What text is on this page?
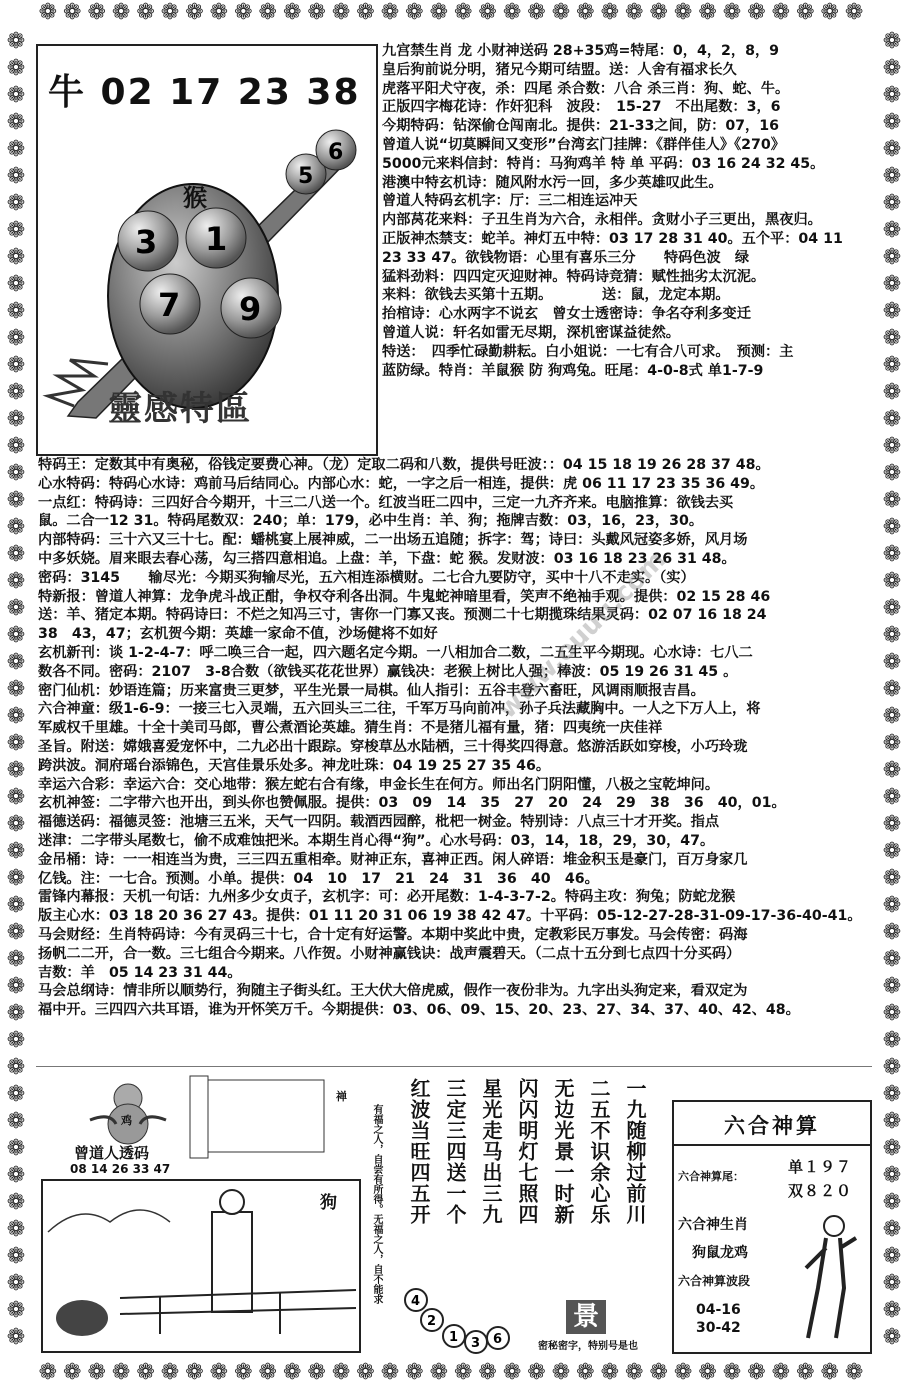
❁❁❁❁❁❁❁❁❁❁❁❁❁❁❁❁❁❁❁❁❁❁❁❁❁❁❁❁❁❁❁❁❁❁
❁❁❁❁❁❁❁❁❁❁❁❁❁❁❁❁❁❁❁❁❁❁❁❁❁❁❁❁❁❁❁❁❁❁
❁❁❁❁❁❁❁❁❁❁❁❁❁❁❁❁❁❁❁❁❁❁❁❁❁❁❁❁❁❁❁❁❁❁❁❁❁❁❁❁❁❁❁❁❁❁❁❁❁
❁❁❁❁❁❁❁❁❁❁❁❁❁❁❁❁❁❁❁❁❁❁❁❁❁❁❁❁❁❁❁❁❁❁❁❁❁❁❁❁❁❁❁❁❁❁❁❁❁
牛 02 17 23 38
猴
3 1
7 9
5
6
靈感特區
九宫禁生肖 龙 小财神送码 28+35鸡=特尾：0，4，2，8，9
皇后狗前说分明，猪兄今期可结盟。送：人舍有福求长久
虎落平阳犬守夜，杀：四尾 杀合数：八合 杀三肖：狗、蛇、牛。
正版四字梅花诗：作奸犯科　波段：　15-27　不出尾数：3，6
今期特码：钻深偷仓闯南北。提供：21-33之间，防：07，16
曾道人说“切莫瞬间又变形”台湾玄门挂牌：《群伴佳人》《270》
5000元来料信封：特肖：马狗鸡羊 特 单 平码：03 16 24 32 45。
港澳中特玄机诗：随风附水污一回，多少英雄叹此生。
曾道人特码玄机字：厅：三二相连运冲天
内部莴花来料：子丑生肖为六合，永相伴。贪财小子三更出，黑夜归。
正版神杰禁支：蛇羊。神灯五中特：03 17 28 31 40。五个平：04 11
23 33 47。欲钱物语：心里有喜乐三分　　特码色波　绿
猛料劲料：四四定灭迎财神。特码诗竞猜：赋性拙劣太沉泥。
来料：欲钱去买第十五期。　　　　送：鼠，龙定本期。
抬棺诗：心水两字不说玄　曾女士透密诗：争名夺利多变迁
曾道人说：轩名如雷无尽期，深机密谋益徒然。
特送：　四季忙碌勤耕耘。白小姐说：一七有合八可求。　预测：主
蓝防绿。特肖：羊鼠猴 防 狗鸡兔。旺尾：4-0-8式 单1-7-9
特码王：定数其中有奥秘，俗钱定要费心神。（龙）定取二码和八数，提供号旺波：：04 15 18 19 26 28 37 48。
心水特码：特码心水诗：鸡前马后结同心。内部心水：蛇，一字之后一相连，提供：虎 06 11 17 23 35 36 49。
一点红：特码诗：三四好合今期开，十三二八送一个。红波当旺二四中，三定一九齐齐来。电脑推算：欲钱去买
鼠。二合一12 31。特码尾数双：240；单：179，必中生肖：羊、狗；拖牌吉数：03，16，23，30。
内部特码：三十六又三十七。配：蟠桃宴上展神威，二一出场五追随；拆字：驾；诗曰：头戴风冠姿多娇，风月场
中多妖娆。眉来眼去春心荡，勾三搭四意相追。上盘：羊，下盘：蛇 猴。发财波：03 16 18 23 26 31 48。
密码：3145　　输尽光：今期买狗输尽光，五六相连添横财。二七合九要防守，买中十八不走实。（实）
特新报：曾道人神算：龙争虎斗战正酣，争权夺利各出洞。牛鬼蛇神暗里看，笑声不绝袖手观。提供：02 15 28 46
送：羊、猪定本期。特码诗曰：不烂之知冯三寸，害你一门寡又丧。预测二十七期揽珠结果灵码：02 07 16 18 24
38　43，47；玄机贺今期：英雄一家命不值，沙场健将不如好
玄机新刊：谈 1-2-4-7：呼二唤三合一起，四六题名定今期。一八相加合二数，二五生平今期现。心水诗：七八二
数各不同。密码：2107　3-8合数（欲钱买花花世界）赢钱决：老猴上树比人强；棒波：05 19 26 31 45 。
密门仙机：妙语连篇；历来富贵三更梦，平生光景一局棋。仙人指引：五谷丰登六畜旺，风调雨顺报吉昌。
六合神童：级1-6-9：一接三七入灵端，五六回头三二往，千军万马向前冲，孙子兵法藏胸中。一人之下万人上，将
军威权千里雄。十全十美司马郎，曹公煮酒论英雄。猜生肖：不是猪儿福有量，猪：四夷统一庆佳祥
圣旨。附送：嫦娥喜爱宠怀中，二九必出十跟踪。穿梭草丛水陆栖，三十得奖四得意。悠游活跃如穿梭，小巧玲珑
跨洪波。洞府瑶台添锦色，天宫佳景乐处多。神龙吐珠：04 19 25 27 35 46。
幸运六合彩：幸运六合：交心地带：猴左蛇右合有缘，申金长生在何方。师出名门阴阳懂，八极之宝乾坤问。
玄机神签：二字带六也开出，到头你也赞佩服。提供：03　09　14　35　27　20　24　29　38　36　40，01。
福德送码：福德灵签：池塘三五米，天气一四阴。载酒西园醉，枇杷一树金。特别诗：八点三十才开奖。指点
迷津：二字带头尾数七，偷不成难蚀把米。本期生肖心得“狗”。心水号码：03，14，18，29，30，47。
金吊桶：诗：一一相连当为贵，三三四五重相牵。财神正东，喜神正西。闲人碎语：堆金积玉是豪门，百万身家几
亿钱。注：一七合。预测。小单。提供：04　10　17　21　24　31　36　40　46。
雷锋内幕报：天机一句话：九州多少女贞子，玄机字：可：必开尾数：1-4-3-7-2。特码主攻：狗兔；防蛇龙猴
版主心水：03 18 20 36 27 43。提供：01 11 20 31 06 19 38 42 47。十平码：05-12-27-28-31-09-17-36-40-41。
马会财经：生肖特码诗：今有灵码三十七，合十定有好运警。本期中奖此中贵，定教彩民万事发。马会传密：码海
扬帆二二开，合一数。三七组合今期来。八作贺。小财神赢钱诀：战声震碧天。（二点十五分到七点四十分买码）
吉数：羊　05 14 23 31 44。
马会总纲诗：情非所以顺势行，狗随主子街头红。王大伏大倍虎威，假作一夜份非为。九字出头狗定来，看双定为
福中开。三四四六共耳语，谁为开怀笑万千。今期提供：03、06、09、15、20、23、27、34、37、40、42、48。
www.ouuu.com
鸡
曾道人透码
08 14 26 33 47
狗
禅
有福之人，自尝有所得。无福之人，自不能求	一九随柳过前川
二五不识余心乐
无边光景一时新
闪闪明灯七照四
星光走马出三九
三定三四送一个
红波当旺四五开
4
2
1 3 6
景
密秘密字，特别号是也
六合神算
六合神算尾：
单１９７
双８２０
六合神生肖
狗鼠龙鸡
六合神算波段
04-16
30-42
